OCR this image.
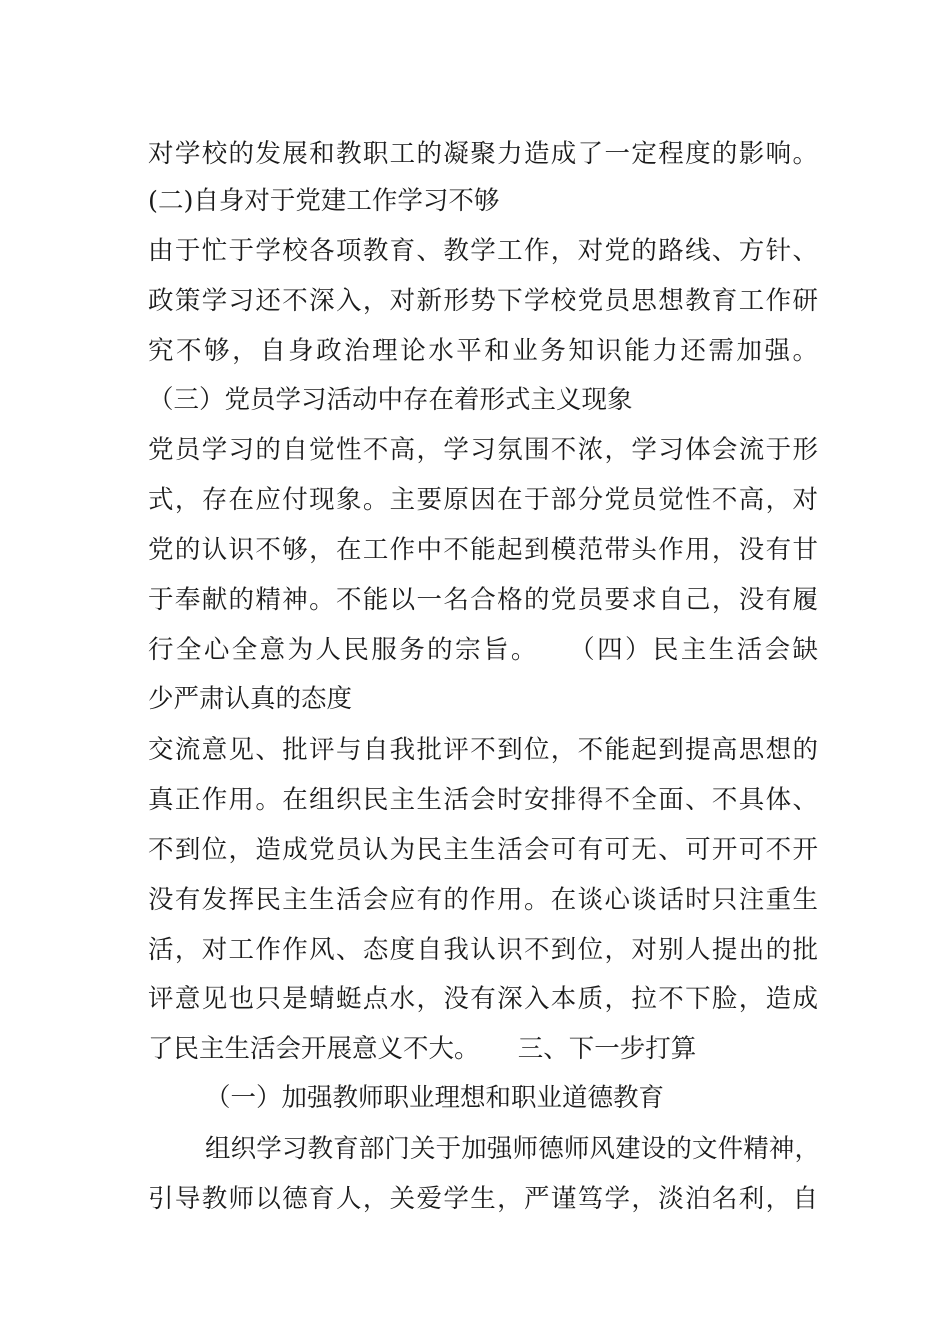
对学校的发展和教职工的凝聚力造成了一定程度的影响。
(二)自身对于党建工作学习不够
由于忙于学校各项教育、教学工作，对党的路线、方针、
政策学习还不深入，对新形势下学校党员思想教育工作研
究不够，自身政治理论水平和业务知识能力还需加强。
（三）党员学习活动中存在着形式主义现象
党员学习的自觉性不高，学习氛围不浓，学习体会流于形
式，存在应付现象。主要原因在于部分党员觉性不高，对
党的认识不够，在工作中不能起到模范带头作用，没有甘
于奉献的精神。不能以一名合格的党员要求自己，没有履
行全心全意为人民服务的宗旨。　　（四）民主生活会缺
少严肃认真的态度
交流意见、批评与自我批评不到位，不能起到提高思想的
真正作用。在组织民主生活会时安排得不全面、不具体、
不到位，造成党员认为民主生活会可有可无、可开可不开
没有发挥民主生活会应有的作用。在谈心谈话时只注重生
活，对工作作风、态度自我认识不到位，对别人提出的批
评意见也只是蜻蜓点水，没有深入本质，拉不下脸，造成
了民主生活会开展意义不大。　　三、下一步打算
（一）加强教师职业理想和职业道德教育
组织学习教育部门关于加强师德师风建设的文件精神，
引导教师以德育人，关爱学生，严谨笃学，淡泊名利，自
